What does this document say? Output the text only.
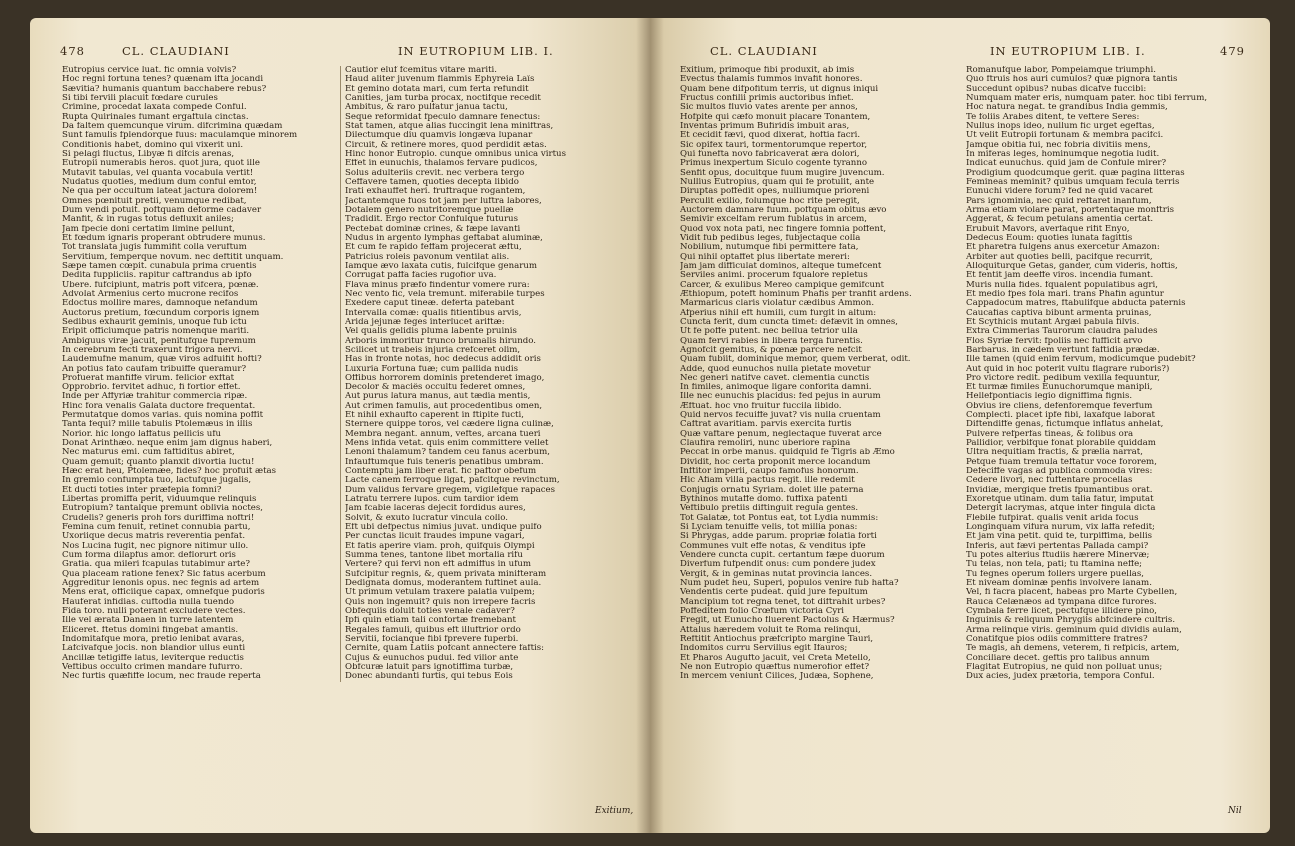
478	CL. CLAUDIANI	IN EUTROPIUM LIB. I.
Eutropius cervice luat. fic omnia volvis?
Hoc regni fortuna tenes? quænam ifta jocandi
Sævitia? humanis quantum bacchabere rebus?
Si tibi fervili placuit fœdare curules
Crimine, procedat laxata compede Conful.
Rupta Quirinales fumant ergaftula cinctas.
Da faltem quemcunque virum. difcrimina quædam
Sunt famulis fplendorque fuus: maculamque minorem
Conditionis habet, domino qui vixerit uni.
Si pelagi fluctus, Libyæ fi difcis arenas,
Eutropii numerabis heros. quot jura, quot ille
Mutavit tabulas, vel quanta vocabula vertit!
Nudatus quoties, medium dum conful emtor,
Ne qua per occultum lateat jactura dolorem!
Omnes pœnituit pretii, venumque redibat,
Dum vendi potuit. poftquam deforme cadaver
Manfit, & in rugas totus defluxit aniles;
Jam fpecie doni certatim limine pellunt,
Et fœdum ignaris properant obtrudere munus.
Tot translata jugis fummifit colla veruftum
Servitium, femperque novum. nec deftitit unquam.
Sæpe tamen cœpit. cunabula prima cruentis
Dedita fuppliciis. rapitur caftrandus ab ipfo
Ubere. fufcipiunt, matris poft vifcera, pœnæ.
Advolat Armenius certo mucrone recifos
Edoctus mollire mares, damnoque nefandum
Auctorus pretium, fœcundum corporis ignem
Sedibus exhaurit geminis, unoque fub ictu
Eripit officiumque patris nomenque mariti.
Ambiguus viræ jacuit, penitufque fupremum
In cerebrum fecti traxerunt frigora nervi.
Laudemufne manum, quæ viros adfuifit hofti?
An potius fato caufam tribuiffe queramur?
Profuerat manfiffe virum. felicior exftat
Opprobrio. fervitet adhuc, fi fortior effet.
Inde per Affyriæ trahitur commercia ripæ.
Hinc fora venalis Galata ductore frequentat.
Permutatque domos varias. quis nomina poffit
Tanta fequi? mille tabulis Ptolemæus in illis
Norior. hic longo laffatus pellicis ufu
Donat Arinthæo. neque enim jam dignus haberi,
Nec maturus emi. cum faftiditus abiret,
Quam gemuit; quanto planxit divortia luctu!
Hæc erat heu, Ptolemæe, fides? hoc profuit ætas
In gremio confumpta tuo, lactufque jugalis,
Et ducti toties inter præfepia fomni?
Libertas promiffa perit, viduumque relinquis
Eutropium? tantalque premunt oblivia noctes,
Crudelis? generis proh fors duriffima noftri!
Femina cum fenuit, retinet connubia partu,
Uxoriique decus matris reverentia penfat.
Nos Lucina fugit, nec pignore nitimur ullo.
Cum forma dilapfus amor. deflorurt oris
Gratia. qua mileri fcapulas tutabimur arte?
Qua placeam ratione fenex? Sic fatus acerbum
Aggreditur lenonis opus. nec fegnis ad artem
Mens erat, officiique capax, omnefque pudoris
Hauferat infidias. cuftodia nulla tuendo
Fida toro. nulli poterant excludere vectes.
Ille vel ærata Danaen in turre latentem
Eliceret. ftetus domini fingebat amantis.
Indomitafque mora, pretio lenibat avaras,
Lafcivafque jocis. non blandior ullus eunti
Ancillæ tetigiffe latus, leviterque reductis
Veftibus occulto crimen mandare fufurro.
Nec furtis quæfiffe locum, nec fraude reperta
Cautior eluf fcemitus vitare mariti.
Haud aliter juvenum flammis Ephyreia Laïs
Et gemino dotata mari, cum ferta refundit
Canities, jam turba procax, noctifque recedit
Ambitus, & raro pulfatur janua tactu,
Seque reformidat fpeculo damnare fenectus:
Stat tamen, atque alias fuccingit lena miniftras,
Dilectumque diu quamvis longæva lupanar
Circuit, & retinere mores, quod perdidit ætas.
Hinc honor Eutropio. cunque omnibus unica virtus
Effet in eunuchis, thalamos fervare pudicos,
Solus adulteriis crevit. nec verbera tergo
Ceffavere tamen, quoties decepta libido
Irati exhauffet heri. fruftraque rogantem,
Jactantemque fuos tot jam per luftra labores,
Dotalem genero nutritoremque puellæ
Tradidit. Ergo rector Confulque futurus
Pectebat dominæ crines, & fæpe lavanti
Nudus in argento lymphas geftabat aluminæ,
Et cum fe rapido feffam projecerat æftu,
Patricius roleis pavonum ventilat alis.
Iamque ævo laxata cutis, fulcifque genarum
Corrugat paffa facies rugofior uva.
Flava minus præfo findentur vomere rura:
Nec vento fic, vela tremunt. miferabile turpes
Exedere caput tineæ. deferta patebant
Intervalla comæ: qualis fitientibus arvis,
Arida jejunæ feges interlucet ariftæ:
Vel qualis gelidis pluma labente pruinis
Arboris immoritur trunco brumalis hirundo.
Scilicet ut trabeis injuria crefceret olim,
Has in fronte notas, hoc dedecus addidit oris
Luxuria Fortuna fuæ; cum pallida nudis
Offibus horrorem dominis pretenderet imago,
Decolor & maciës occultu federet omnes,
Aut purus latura manus, aut tædia mentis,
Aut crimen famulis, aut procedentibus omen,
Et nihil exhaufto caperent in ftipite fucti,
Sternere quippe toros, vel cædere ligna culinæ,
Membra negant. annum, veftes, arcana tueri
Mens infida vetat. quis enim committere vellet
Lenoni thalamum? tandem ceu fanus acerbum,
Infauftumque fuis teneris penatibus umbram.
Contemptu jam liber erat. fic paftor obefum
Lacte canem ferroque ligat, pafcitque revinctum,
Dum validus fervare gregem, vigilefque rapaces
Latratu terrere lupos. cum tardior idem
Jam fcabie laceras dejecit fordidus aures,
Solvit, & exuto lucratur vincula collo.
Eft ubi defpectus nimius juvat. undique pulfo
Per cunctas licuit fraudes impune vagari,
Et fatis aperire viam. proh, quifquis Olympi
Summa tenes, tantone libet mortalia rifu
Vertere? qui fervi non eft admiffus in ufum
Sufcipitur regnis, &, quem privata minifteram
Dedignata domus, moderantem fuftinet aula.
Ut primum vetulam traxere palatia vulpem;
Quis non ingemuit? quis non irrepere facris
Obfequiis doluit toties venale cadaver?
Ipfi quin etiam tali confortæ fremebant
Regales famuli, quibus eft illuftrior ordo
Servitii, focianque fibi fprevere fuperbi.
Cernite, quam Latiis pofcant annectere faftis:
Cujus & eunuchos pudui. fed vilior ante
Obfcuræ latuit pars ignotiffima turbæ,
Donec abundanti furtis, qui tebus Eois
Exitium,
CL. CLAUDIANI	IN EUTROPIUM LIB. I.	479
Exitium, primoque fibi produxit, ab imis
Evectus thalamis fummos invafit honores.
Quam bene difpofitum terris, ut dignus iniqui
Fructus confilii primis auctoribus infiet.
Sic multos fluvio vates arente per annos,
Hofpite qui cæfo monuit placare Tonantem,
Inventas primum Bufiridis imbuit aras,
Et cecidit fævi, quod dixerat, hoftia facri.
Sic opifex tauri, tormentorumque repertor,
Qui funefta novo fabricaverat æra dolori,
Primus inexpertum Siculo cogente tyranno
Senfit opus, docuitque fuum mugire juvencum.
Nullius Eutropius, quam qui fe protulit, ante
Diruptas poffedit opes, nulliumque prioreni
Perculit exilio, folumque hoc rite peregit,
Auctorem damnare fuum. poftquam obitus ævo
Semivir excelfam rerum fublatus in arcem,
Quod vox nota pati, nec fingere fomnia poffent,
Vidit fub pedibus leges, fubjectaque colla
Nobilium, nutumque fibi permittere fata,
Qui nihil optaffet plus libertate mereri:
Jam jam difficulat dominos, alteque tumefcent
Serviles animi. procerum fqualore repletus
Carcer, & exulibus Mereo campique gemifcunt
Æthiopum, poteft hominum Phafis per tranfit ardens.
Marmaricus claris violatur cædibus Ammon.
Afperius nihil eft humili, cum furgit in altum:
Cuncta ferit, dum cuncta timet: defævit in omnes,
Ut fe poffe putent. nec bellua tetrior ulla
Quam fervi rabies in libera terga furentis.
Agnofcit gemitus, & pœnæ parcere nefcit
Quam fubiit, dominique memor, quem verberat, odit.
Adde, quod eunuchos nulla pietate movetur
Nec generi natifve cavet. clementia cunctis
In fimiles, animoque ligare conforita damni.
Ille nec eunuchis placidus: fed pejus in aurum
Æftuat. hoc vno fruitur fuccila libido.
Quid nervos fecuiffe juvat? vis nulla cruentam
Caftrat avaritiam. parvis exercita furtis
Quæ vaftare penum, neglectaque fuverat arce
Claufira remoliri, nunc uberiore rapina
Peccat in orbe manus. quidquid fe Tigris ab Æmo
Dividit, hoc certa proponit merce locandum
Inftitor imperii, caupo famofus honorum.
Hic Afiam villa pactus regit. ille redemit
Conjugis ornatu Syriam. dolet ille paterna
Bythinos mutaffe domo. fuffixa patenti
Veftibulo pretiis diftinguit regula gentes.
Tot Galatæ, tot Pontus eat, tot Lydia nummis:
Si Lyciam tenuiffe velis, tot millia ponas:
Si Phrygas, adde parum. propriæ folatia forti
Communes vult effe notas, & venditus ipfe
Vendere cuncta cupit. certantum fæpe duorum
Diverfum fufpendit onus: cum pondere judex
Vergit, & in geminas nutat provincia lances.
Num pudet heu, Superi, populos venire fub hafta?
Vendentis certe pudeat. quid jure fepultum
Mancipium tot regna tenet, tot diftrahit urbes?
Poffeditem folio Crœfum victoria Cyri
Fregit, ut Eunucho fluerent Pactolus & Hærmus?
Attalus hæredem voluit te Roma relinqui,
Reftitit Antiochus præfcripto margine Tauri,
Indomitos curru Servilius egit Ifauros;
Et Pharos Augufto jacuit, vel Creta Metello,
Ne non Eutropio quæftus numerofior effet?
In mercem veniunt Cilices, Judæa, Sophene,
Romanufque labor, Pompeiamque triumphi.
Quo ftruis hos auri cumulos? quæ pignora tantis
Succedunt opibus? nubas dicafve fuccibi:
Numquam mater eris, numquam pater. hoc tibi ferrum,
Hoc natura negat. te grandibus India gemmis,
Te foliis Arabes ditent, te veftere Seres:
Nullus inops ideo, nullum fic urget egeftas,
Ut velit Eutropii fortunam & membra pacifci.
Jamque obitia fui, nec fobria divitiis mens,
In miferas leges, hominumque negotia ludit.
Indicat eunuchus. quid jam de Confule mirer?
Prodigium quodcumque gerit. quæ pagina litteras
Femineas meminit? quibus umquam fecula terris
Eunuchi videre forum? fed ne quid vacaret
Pars ignominia, nec quid reftaret inanfum,
Arma etiam violare parat, portentaque monftris
Aggerat, & fecum petulans amentia certat.
Erubuit Mavors, averfaque rifit Enyo,
Dedecus Eoum: quoties lunata fagittis
Et pharetra fulgens anus exercetur Amazon:
Arbiter aut quoties belli, pacifque recurrit,
Alloquiturque Getas, gander, cum videris, hoftis,
Et fentit jam deeffe viros. incendia fumant.
Muris nulla fides. fqualent populatibus agri,
Et medio fpes fola mari. trans Phafin aguntur
Cappadocum matres, ftabulifque abducta paternis
Caucafias captiva bibunt armenta pruinas,
Et Scythicis mutant Argæi pabula filvis.
Extra Cimmerias Taurorum claudra paludes
Flos Syriæ fervit: fpoliis nec fufficit arvo
Barbarus. in cædem vertunt faftidia prædæ.
Ille tamen (quid enim fervum, modicumque pudebit?
Aut quid in hoc poterit vultu flagrare ruboris?)
Pro victore redit. pedibum vexilla fequuntur,
Et turmæ fimiles Eunuchorumque manipli,
Hellefpontiacis legio digniffima fignis.
Obvius ire cliens, defenforemque feverfum
Complecti. placet ipfe fibi, laxafque laborat
Diftendiffe genas, fictumque inflatus anhelat,
Pulvere refperfas tineas, & folibus ora
Pallidior, verbifque fonat plorabile quiddam
Ultra nequitiam fractis, & prælia narrat,
Petque fuam tremula teftatur voce fororem,
Defeciffe vagas ad publica commoda vires:
Cedere livori, nec fuftentare procellas
Invidiæ, mergique fretis fpumantibus orat.
Exoretque utinam. dum talia fatur, imputat
Detergit lacrymas, atque inter fingula dicta
Flebile fufpirat. qualis venit arida focus
Longinquam vifura nurum, vix laffa refedit;
Et jam vina petit. quid te, turpiffima, bellis
Inferis, aut fævi pertentas Pallada campi?
Tu potes alterius ftudiis hærere Minervæ;
Tu telas, non tela, pati; tu ftamina neffe;
Tu fegnes operum follers urgere puellas,
Et niveam dominæ penfis involvere lanam.
Vel, fi facra placent, habeas pro Marte Cybellen,
Rauca Celænæos ad tympana difce furores.
Cymbala ferre licet, pectufque illidere pino,
Inguinis & reliquum Phrygiis abfcindere cultris.
Arma relinque viris. geminum quid dividis aulam,
Conatifque pios odiis committere fratres?
Te magis, ah demens, veterem, fi refpicis, artem,
Conciliare decet. geftis pro talibus annum
Flagitat Eutropius, ne quid non polluat unus;
Dux acies, judex prætoria, tempora Conful.
Nil
